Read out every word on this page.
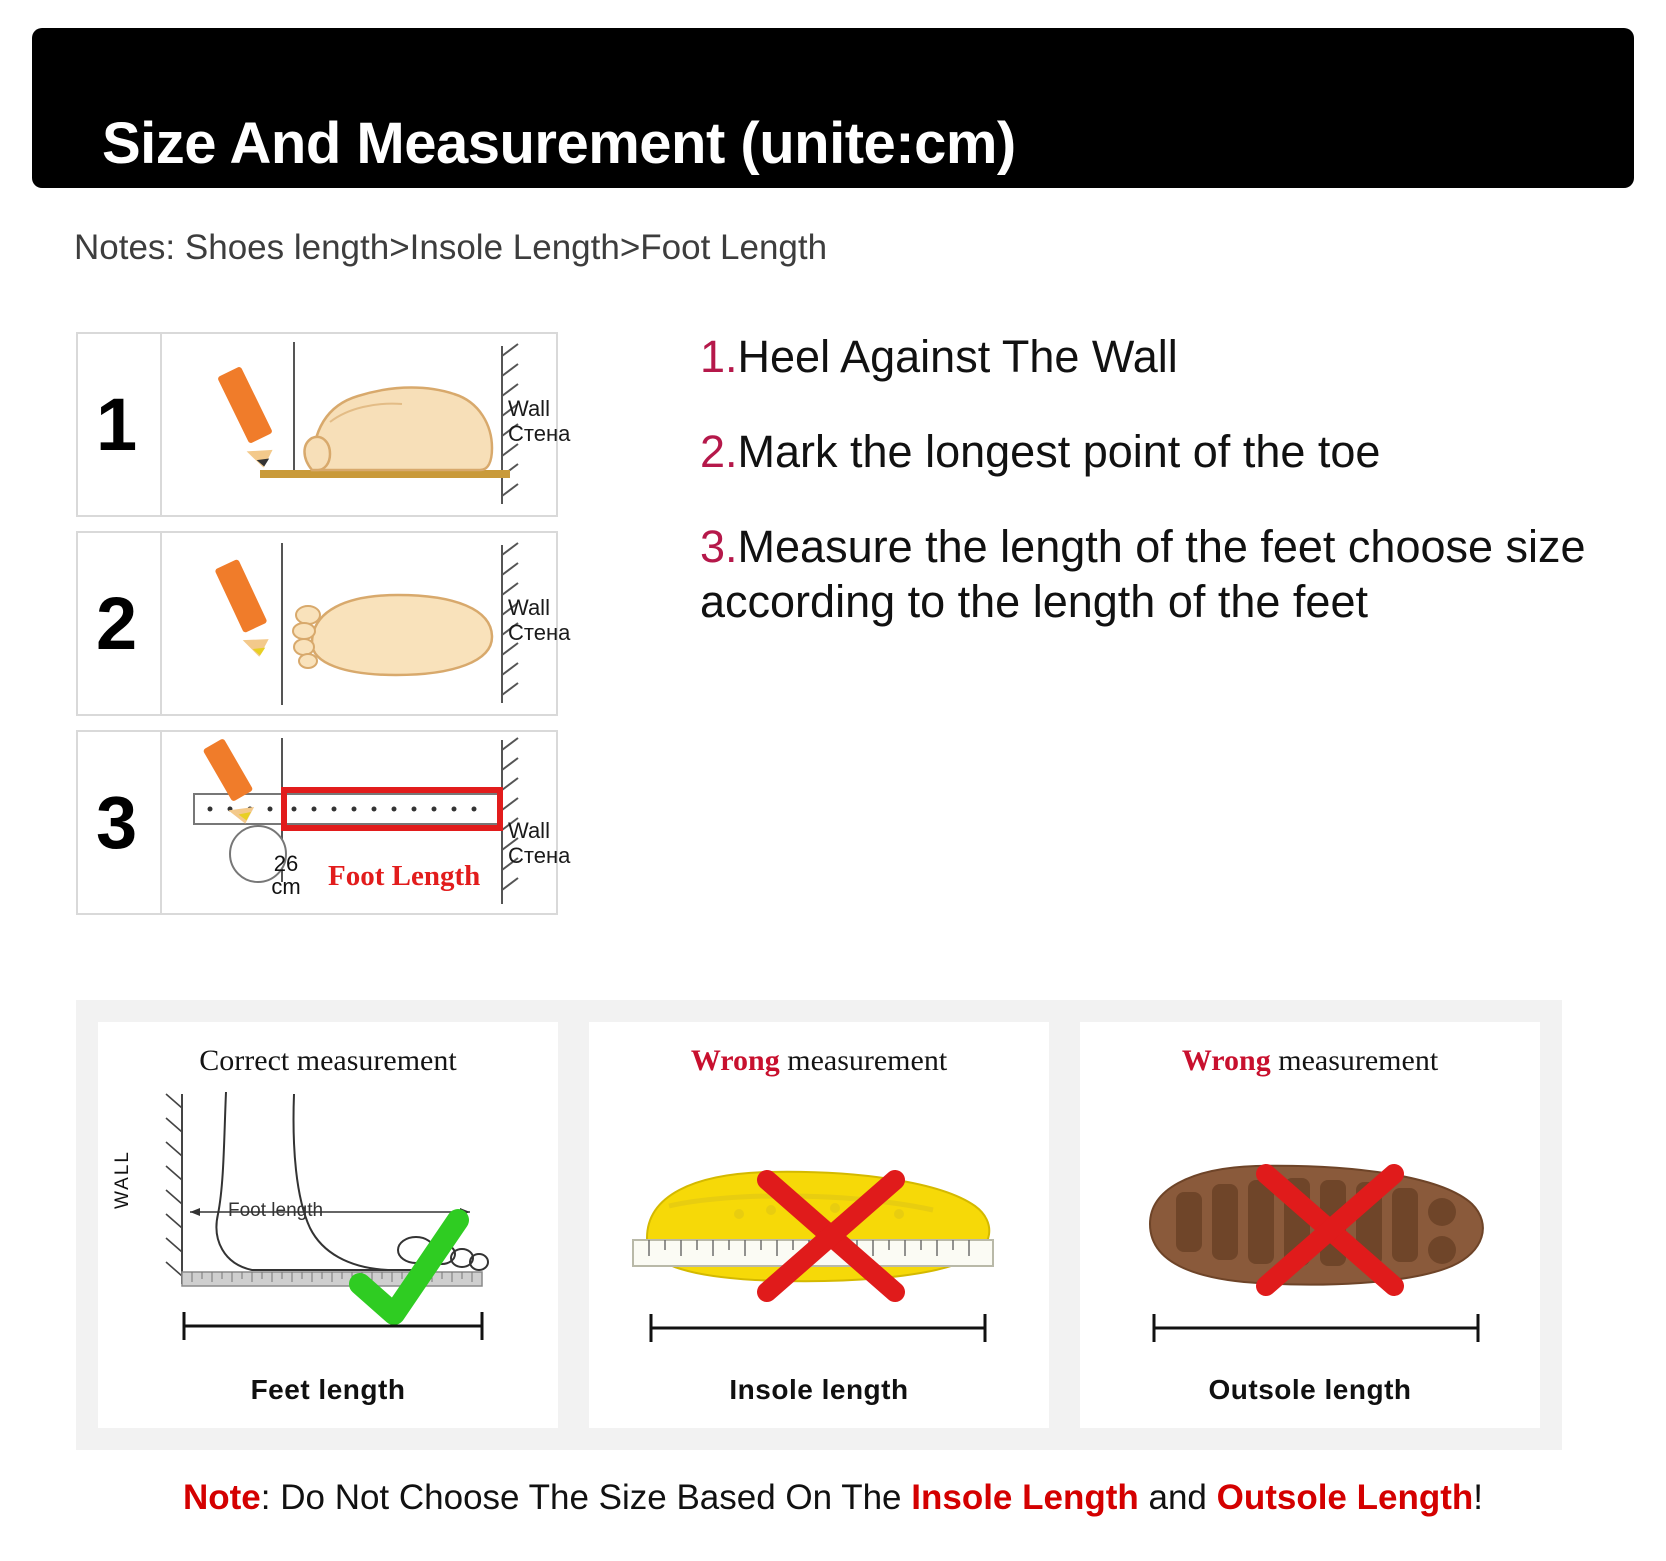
Size And Measurement (unite:cm)
Notes: Shoes length>Insole Length>Foot Length
1	Wall
Стена
2	Wall
Стена
3	Wall
Стена
Foot Length
26
cm
1.Heel Against The Wall
2.Mark the longest point of the toe
3.Measure the length of the feet choose size according to the length of the feet
Correct measurement
WALL
Foot length
Feet length
Wrong measurement
Insole length
Wrong measurement
Outsole length
Note: Do Not Choose The Size Based On The Insole Length and Outsole Length!
